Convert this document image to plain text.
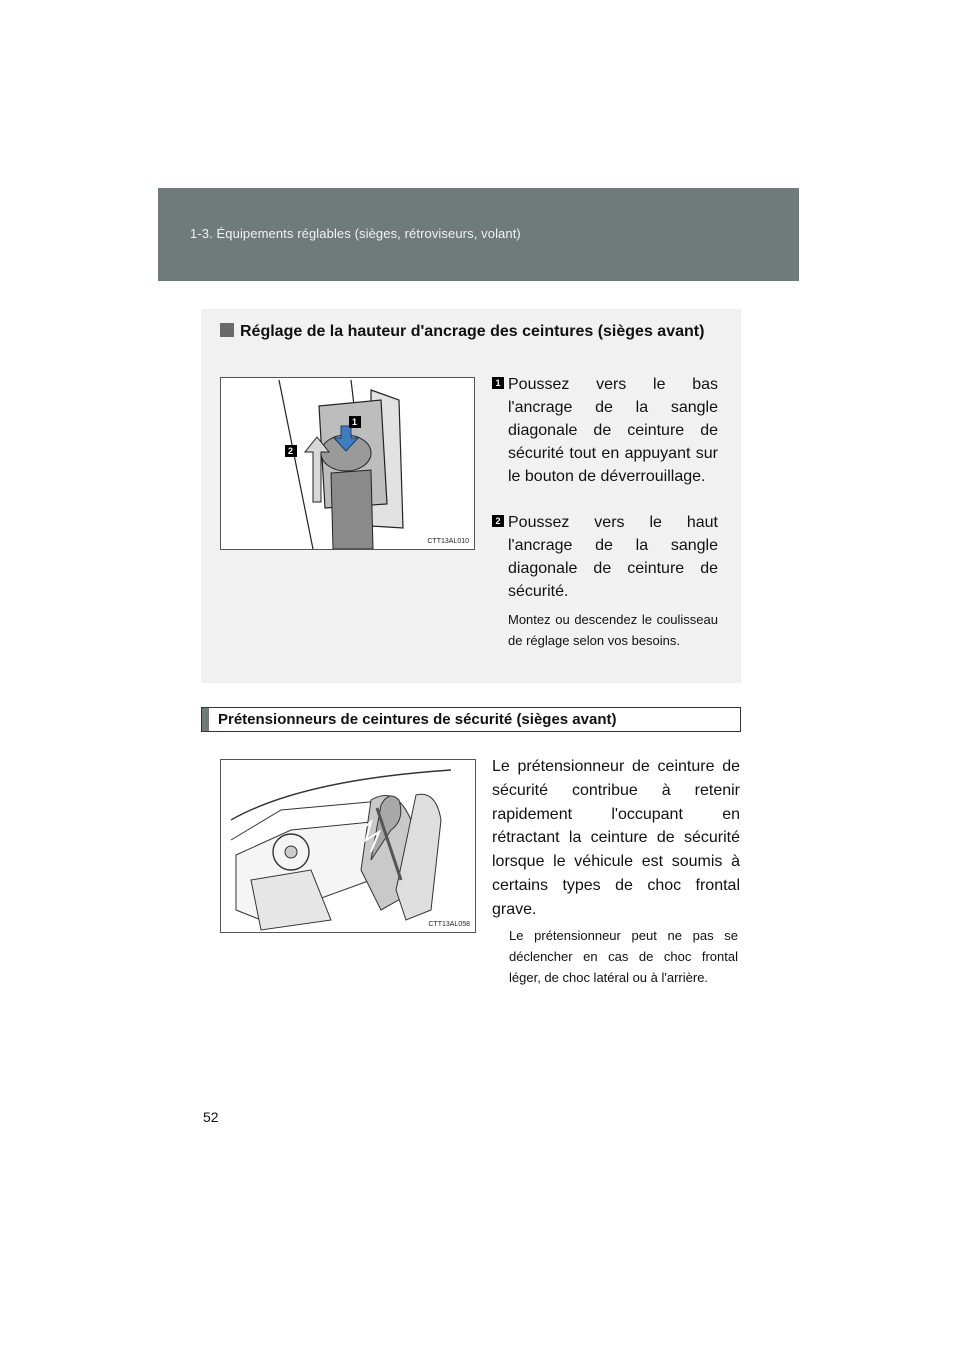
1-3. Équipements réglables (sièges, rétroviseurs, volant)
Réglage de la hauteur d'ancrage des ceintures (sièges avant)
1
2
CTT13AL010
1 Poussez vers le bas l'ancrage de la sangle diagonale de ceinture de sécurité tout en appuyant sur le bouton de déverrouillage.
2 Poussez vers le haut l'ancrage de la sangle diagonale de ceinture de sécurité.
Montez ou descendez le coulisseau de réglage selon vos besoins.
Prétensionneurs de ceintures de sécurité (sièges avant)
CTT13AL058
Le prétensionneur de ceinture de sécurité contribue à retenir rapidement l'occupant en rétractant la ceinture de sécurité lorsque le véhicule est soumis à certains types de choc frontal grave.
Le prétensionneur peut ne pas se déclencher en cas de choc frontal léger, de choc latéral ou à l'arrière.
52
